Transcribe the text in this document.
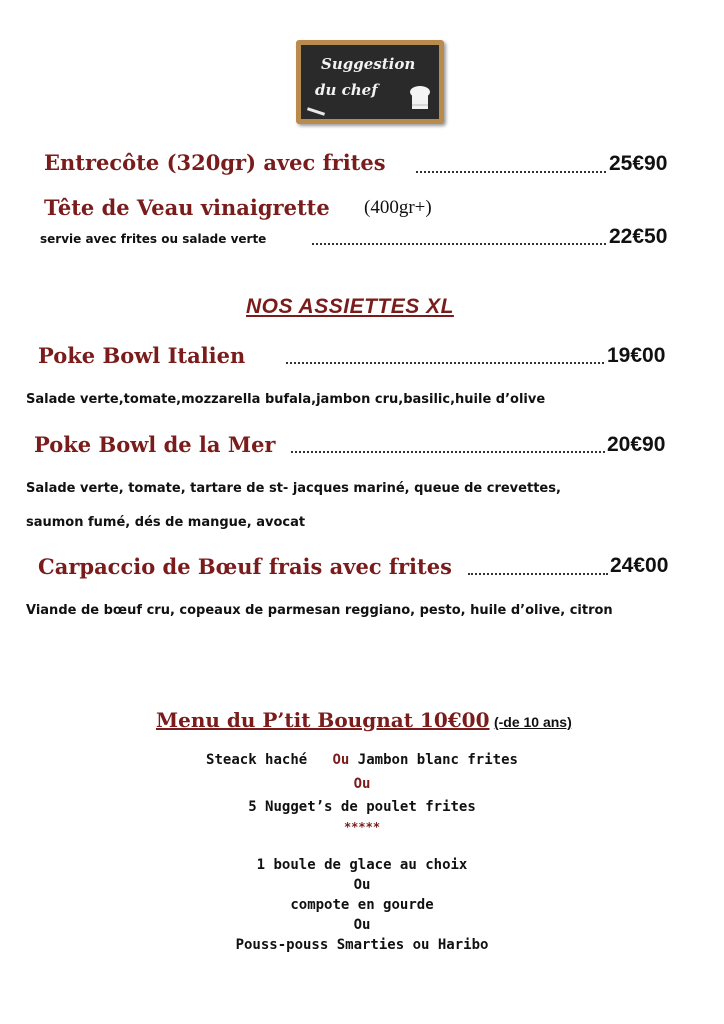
Suggestion
du chef
Entrecôte (320gr) avec frites	25€90
Tête de Veau vinaigrette (400gr+)
servie avec frites ou salade verte	22€50
NOS ASSIETTES XL
Poke Bowl Italien	19€00
Salade verte,tomate,mozzarella bufala,jambon cru,basilic,huile d’olive
Poke Bowl de la Mer	20€90
Salade verte, tomate, tartare de st- jacques mariné, queue de crevettes,
saumon fumé, dés de mangue, avocat
Carpaccio de Bœuf frais avec frites	24€00
Viande de bœuf cru, copeaux de parmesan reggiano, pesto, huile d’olive, citron
Menu du P’tit Bougnat 10€00 (-de 10 ans)
Steack haché Ou Jambon blanc frites
Ou
5 Nugget’s de poulet frites
*****
1 boule de glace au choix
Ou
compote en gourde
Ou
Pouss-pouss Smarties ou Haribo
